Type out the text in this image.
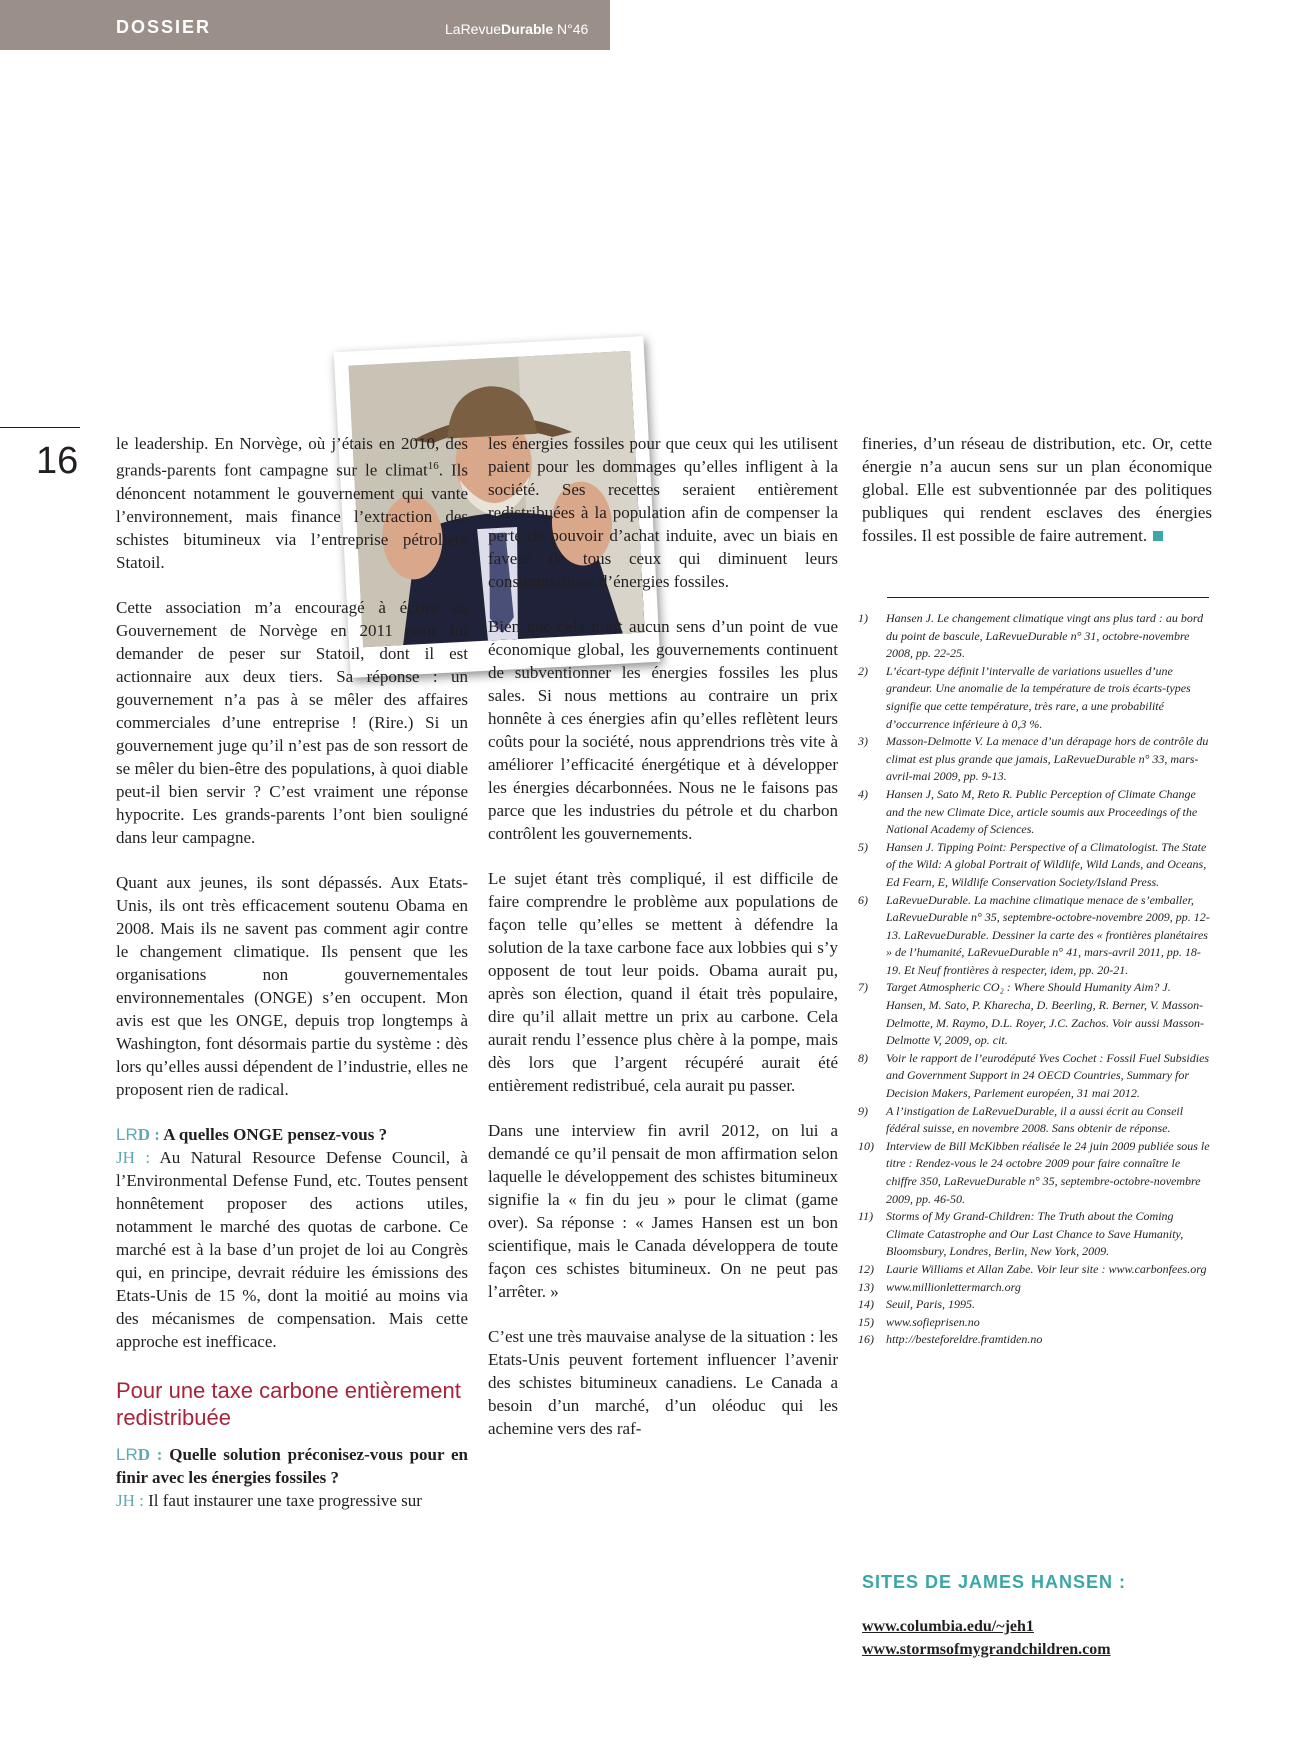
DOSSIER	LaRevueDurable N°46
16 le leadership. En Norvège, où j’étais en 2010, des grands-parents font campagne sur le climat$^{16}$. Ils dénoncent notamment le gouvernement qui vante l’environnement, mais finance l’extraction des schistes bitumineux via l’entreprise pétrolière Statoil.

Cette association m’a encouragé à écrire au Gouvernement de Norvège en 2011 pour lui demander de peser sur Statoil, dont il est actionnaire aux deux tiers. Sa réponse : un gouvernement n’a pas à se mêler des affaires commerciales d’une entreprise ! (Rire.) Si un gouvernement juge qu’il n’est pas de son ressort de se mêler du bien-être des populations, à quoi diable peut-il bien servir ? C’est vraiment une réponse hypocrite. Les grands-parents l’ont bien souligné dans leur campagne.

Quant aux jeunes, ils sont dépassés. Aux Etats-Unis, ils ont très efficacement soutenu Obama en 2008. Mais ils ne savent pas comment agir contre le changement climatique. Ils pensent que les organisations non gouvernementales environnementales (ONGE) s’en occupent. Mon avis est que les ONGE, depuis trop longtemps à Washington, font désormais partie du système : dès lors qu’elles aussi dépendent de l’industrie, elles ne proposent rien de radical.

LRD : A quelles ONGE pensez-vous ?

JH : Au Natural Resource Defense Council, à l’Environmental Defense Fund, etc. Toutes pensent honnêtement proposer des actions utiles, notamment le marché des quotas de carbone. Ce marché est à la base d’un projet de loi au Congrès qui, en principe, devrait réduire les émissions des Etats-Unis de 15 %, dont la moitié au moins via des mécanismes de compensation. Mais cette approche est inefficace.

Pour une taxe carbone entièrement redistribuée

LRD : Quelle solution préconisez-vous pour en finir avec les énergies fossiles ?

JH : Il faut instaurer une taxe progressive sur

les énergies fossiles pour que ceux qui les utilisent paient pour les dommages qu’elles infligent à la société. Ses recettes seraient entièrement redistribuées à la population afin de compenser la perte de pouvoir d’achat induite, avec un biais en faveur de tous ceux qui diminuent leurs consommations d’énergies fossiles.

Bien que cela n’ait aucun sens d’un point de vue économique global, les gouvernements continuent de subventionner les énergies fossiles les plus sales. Si nous mettions au contraire un prix honnête à ces énergies afin qu’elles reflètent leurs coûts pour la société, nous apprendrions très vite à améliorer l’efficacité énergétique et à développer les énergies décarbonnées. Nous ne le faisons pas parce que les industries du pétrole et du charbon contrôlent les gouvernements.

Le sujet étant très compliqué, il est difficile de faire comprendre le problème aux populations de façon telle qu’elles se mettent à défendre la solution de la taxe carbone face aux lobbies qui s’y opposent de tout leur poids. Obama aurait pu, après son élection, quand il était très populaire, dire qu’il allait mettre un prix au carbone. Cela aurait rendu l’essence plus chère à la pompe, mais dès lors que l’argent récupéré aurait été entièrement redistribué, cela aurait pu passer.

Dans une interview fin avril 2012, on lui a demandé ce qu’il pensait de mon affirmation selon laquelle le développement des schistes bitumineux signifie la « fin du jeu » pour le climat (game over). Sa réponse : « James Hansen est un bon scientifique, mais le Canada développera de toute façon ces schistes bitumineux. On ne peut pas l’arrêter. »

C’est une très mauvaise analyse de la situation : les Etats-Unis peuvent fortement influencer l’avenir des schistes bitumineux canadiens. Le Canada a besoin d’un marché, d’un oléoduc qui les achemine vers des raf-

fineries, d’un réseau de distribution, etc. Or, cette énergie n’a aucun sens sur un plan économique global. Elle est subventionnée par des politiques publiques qui rendent esclaves des énergies fossiles. Il est possible de faire autrement.

1)	Hansen J. Le changement climatique vingt ans plus tard : au bord du point de bascule, LaRevueDurable n° 31, octobre-novembre 2008, pp. 22-25.
2)	L’écart-type définit l’intervalle de variations usuelles d’une grandeur. Une anomalie de la température de trois écarts-types signifie que cette température, très rare, a une probabilité d’occurrence inférieure à 0,3 %.
3)	Masson-Delmotte V. La menace d’un dérapage hors de contrôle du climat est plus grande que jamais, LaRevueDurable n° 33, mars-avril-mai 2009, pp. 9-13.
4)	Hansen J, Sato M, Reto R. Public Perception of Climate Change and the new Climate Dice, article soumis aux Proceedings of the National Academy of Sciences.
5)	Hansen J. Tipping Point: Perspective of a Climatologist. The State of the Wild: A global Portrait of Wildlife, Wild Lands, and Oceans, Ed Fearn, E, Wildlife Conservation Society/Island Press.
6)	LaRevueDurable. La machine climatique menace de s’emballer, LaRevueDurable n° 35, septembre-octobre-novembre 2009, pp. 12-13. LaRevueDurable. Dessiner la carte des « frontières planétaires » de l’humanité, LaRevueDurable n° 41, mars-avril 2011, pp. 18-19. Et Neuf frontières à respecter, idem, pp. 20-21.
7)	Target Atmospheric CO₂ : Where Should Humanity Aim? J. Hansen, M. Sato, P. Kharecha, D. Beerling, R. Berner, V. Masson-Delmotte, M. Raymo, D.L. Royer, J.C. Zachos. Voir aussi Masson-Delmotte V, 2009, op. cit.
8)	Voir le rapport de l’eurodéputé Yves Cochet : Fossil Fuel Subsidies and Government Support in 24 OECD Countries, Summary for Decision Makers, Parlement européen, 31 mai 2012.
9)	A l’instigation de LaRevueDurable, il a aussi écrit au Conseil fédéral suisse, en novembre 2008. Sans obtenir de réponse.
10)	Interview de Bill McKibben réalisée le 24 juin 2009 publiée sous le titre : Rendez-vous le 24 octobre 2009 pour faire connaître le chiffre 350, LaRevueDurable n° 35, septembre-octobre-novembre 2009, pp. 46-50.
11)	Storms of My Grand-Children: The Truth about the Coming Climate Catastrophe and Our Last Chance to Save Humanity, Bloomsbury, Londres, Berlin, New York, 2009.
12)	Laurie Williams et Allan Zabe. Voir leur site : www.carbonfees.org
13)	www.millionlettermarch.org
14)	Seuil, Paris, 1995.
15)	www.sofieprisen.no
16)	http://besteforeldre.framtiden.no
SITES DE JAMES HANSEN :
www.columbia.edu/~jeh1
www.stormsofmygrandchildren.com
